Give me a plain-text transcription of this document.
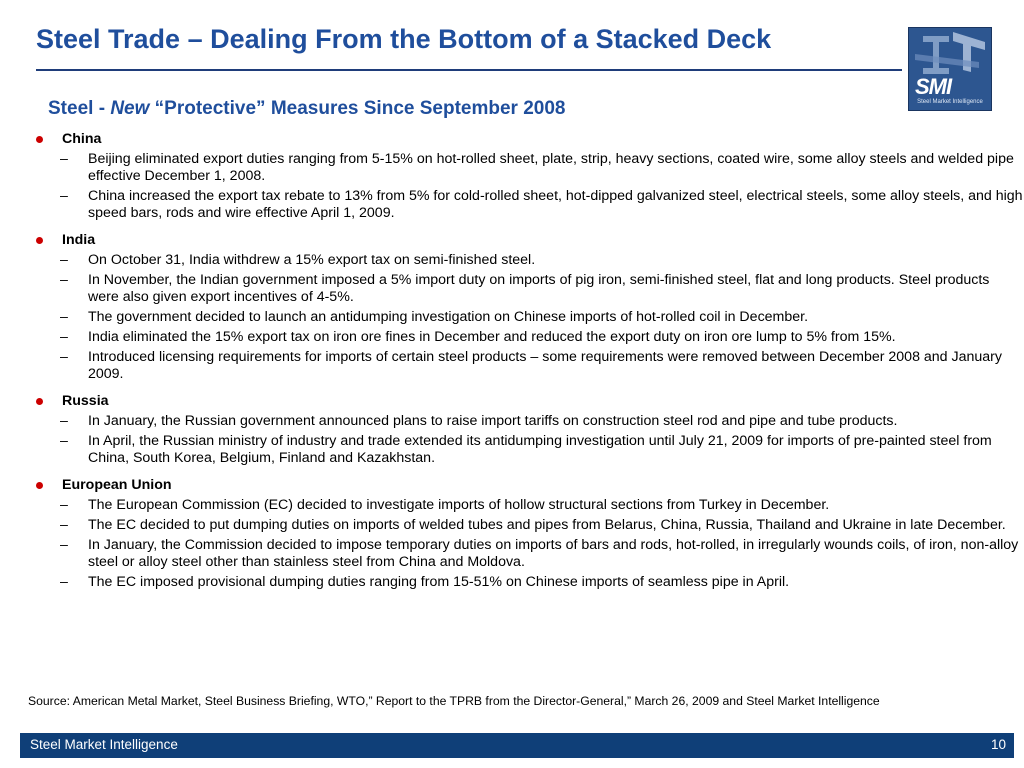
Steel Trade – Dealing From the Bottom of a Stacked Deck
SMI
Steel Market Intelligence
Steel - New “Protective” Measures Since September 2008
China
– Beijing eliminated export duties ranging from 5-15% on hot-rolled sheet, plate, strip, heavy sections, coated wire, some alloy steels and welded pipe effective December 1, 2008.
– China increased the export tax rebate to 13% from 5% for cold-rolled sheet, hot-dipped galvanized steel, electrical steels, some alloy steels, and high speed bars, rods and wire effective April 1, 2009.
India
– On October 31, India withdrew a 15% export tax on semi-finished steel.
– In November, the Indian government imposed a 5% import duty on imports of pig iron, semi-finished steel, flat and long products. Steel products were also given export incentives of 4-5%.
– The government decided to launch an antidumping investigation on Chinese imports of hot-rolled coil in December.
– India eliminated the 15% export tax on iron ore fines in December and reduced the export duty on iron ore lump to 5% from 15%.
– Introduced licensing requirements for imports of certain steel products – some requirements were removed between December 2008 and January 2009.
Russia
– In January, the Russian government announced plans to raise import tariffs on construction steel rod and pipe and tube products.
– In April, the Russian ministry of industry and trade extended its antidumping investigation until July 21, 2009 for imports of pre-painted steel from China, South Korea, Belgium, Finland and Kazakhstan.
European Union
– The European Commission (EC) decided to investigate imports of hollow structural sections from Turkey in December.
– The EC decided to put dumping duties on imports of welded tubes and pipes from Belarus, China, Russia, Thailand and Ukraine in late December.
– In January, the Commission decided to impose temporary duties on imports of bars and rods, hot-rolled, in irregularly wounds coils, of iron, non-alloy steel or alloy steel other than stainless steel from China and Moldova.
– The EC imposed provisional dumping duties ranging from 15-51% on Chinese imports of seamless pipe in April.
Source: American Metal Market, Steel Business Briefing, WTO,” Report to the TPRB from the Director-General,” March 26, 2009 and Steel Market Intelligence
Steel Market Intelligence	10
